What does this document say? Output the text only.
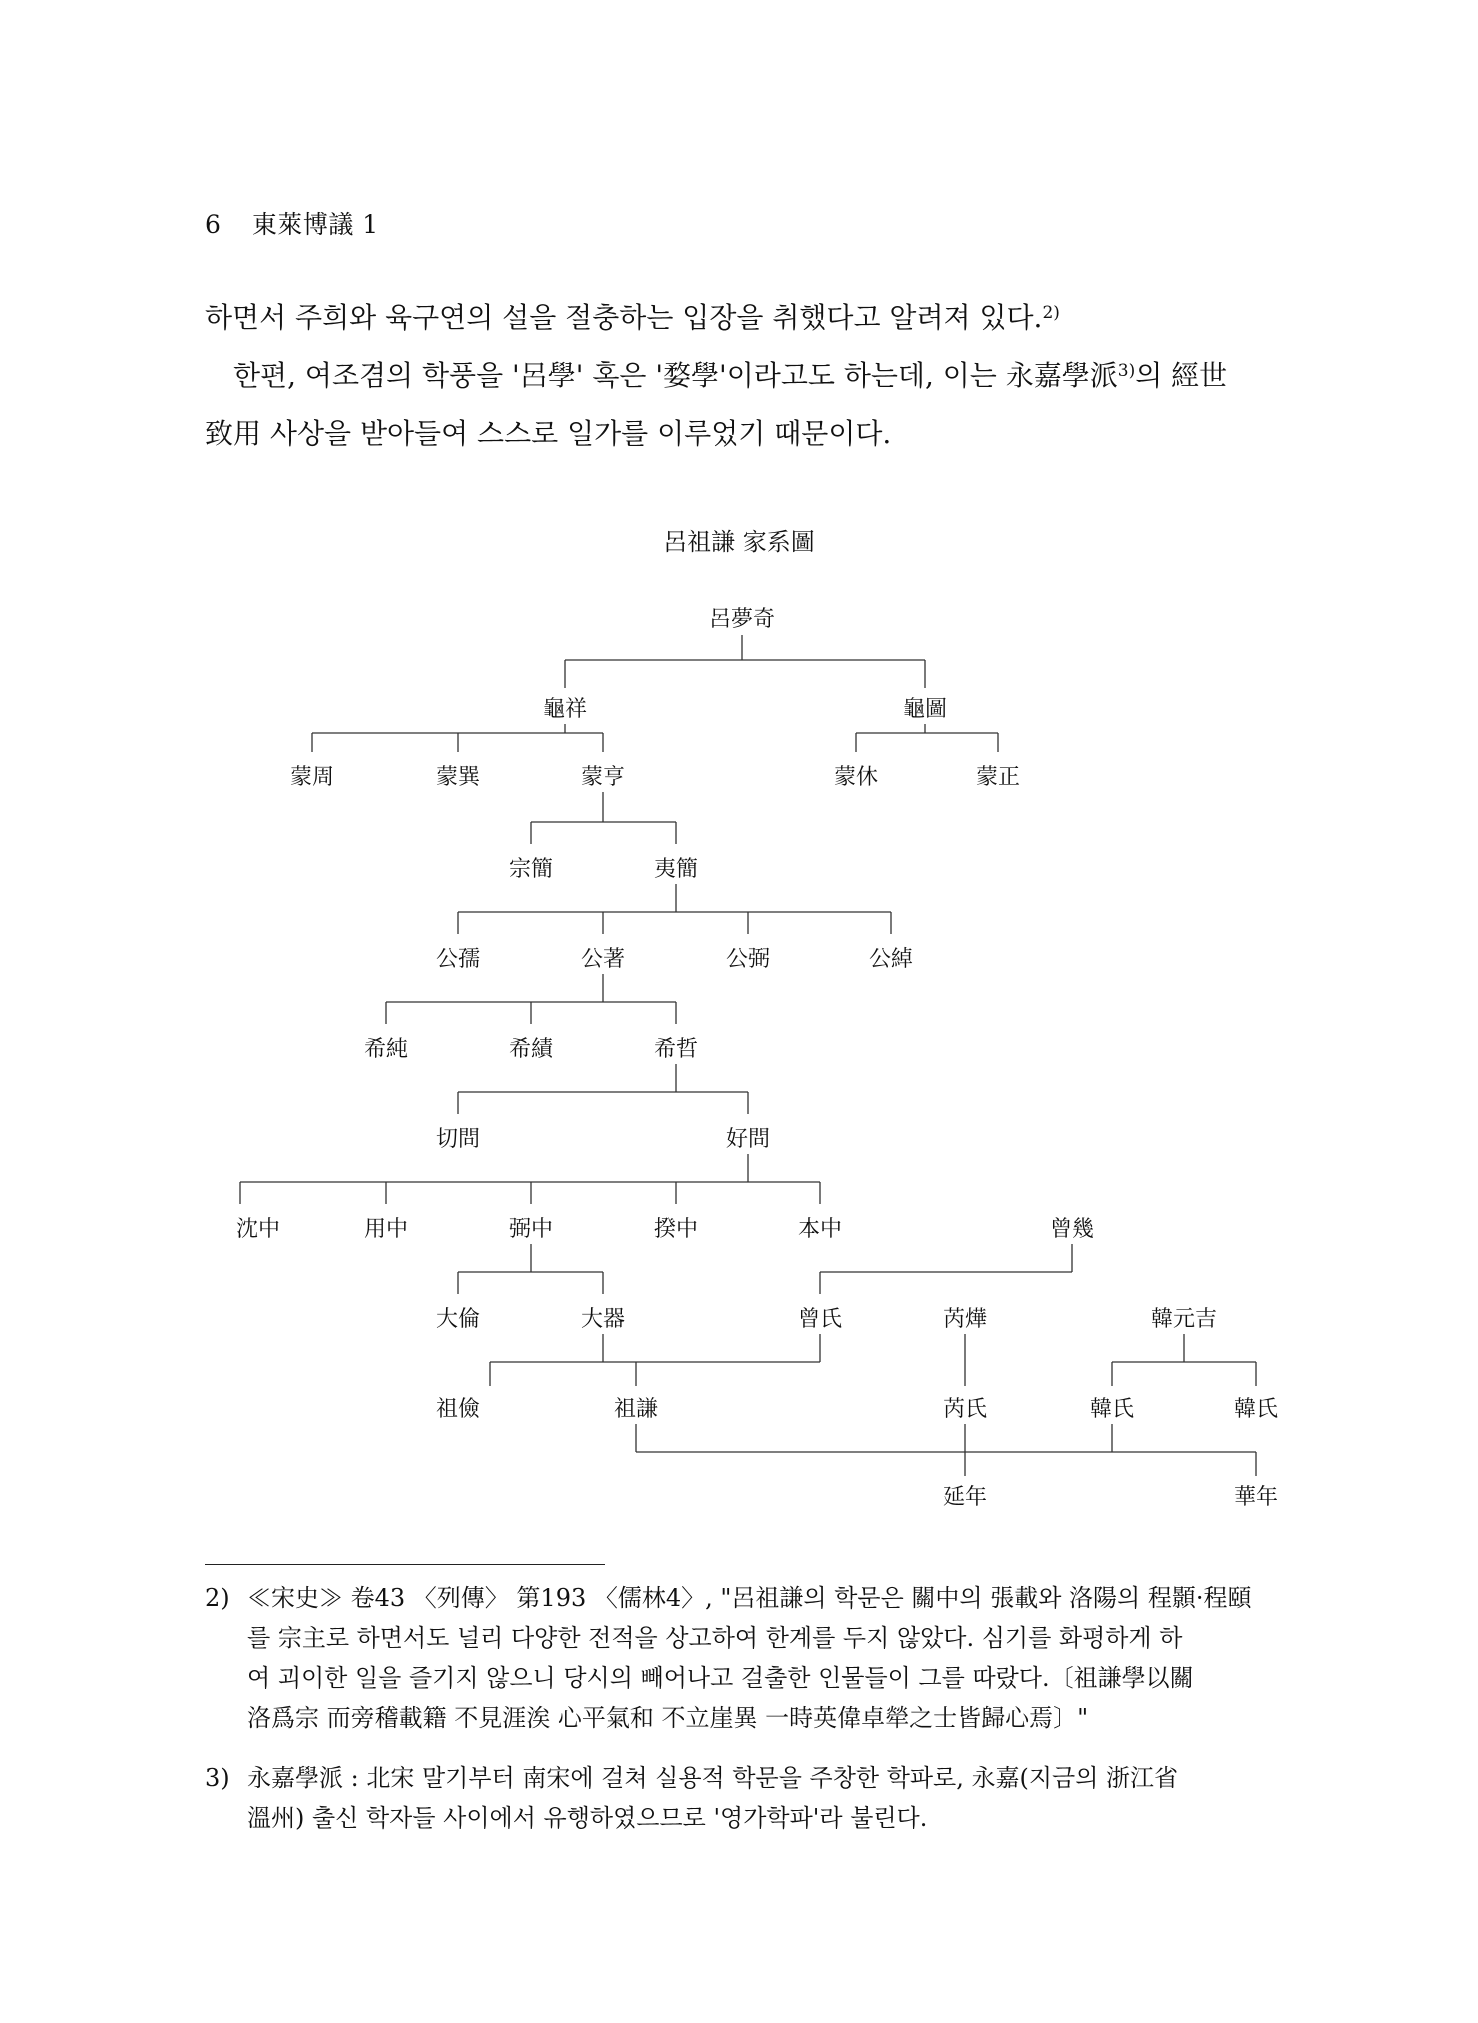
6 東萊博議 1
하면서 주희와 육구연의 설을 절충하는 입장을 취했다고 알려져 있다.$^{2)}$
한편, 여조겸의 학풍을 '呂學' 혹은 '婺學'이라고도 하는데, 이는 永嘉學派$^{3)}$의 經世
致用 사상을 받아들여 스스로 일가를 이루었기 때문이다.
呂祖謙 家系圖
呂夢奇
龜祥	龜圖
蒙周	蒙巽	蒙亨	蒙休	蒙正
宗簡	夷簡
公孺	公著	公弼	公綽
希純	希績	希哲
切問	好問
沈中	用中	弼中	揆中	本中	曾幾
大倫	大器	曾氏	芮燁	韓元吉
祖儉	祖謙	芮氏	韓氏	韓氏
延年	華年
2) ≪宋史≫ 卷43 〈列傳〉 第193 〈儒林4〉, "呂祖謙의 학문은 關中의 張載와 洛陽의 程顥·程頤
를 宗主로 하면서도 널리 다양한 전적을 상고하여 한계를 두지 않았다. 심기를 화평하게 하
여 괴이한 일을 즐기지 않으니 당시의 빼어나고 걸출한 인물들이 그를 따랐다.〔祖謙學以關
洛爲宗 而旁稽載籍 不見涯涘 心平氣和 不立崖異 一時英偉卓犖之士皆歸心焉〕"
3) 永嘉學派 : 北宋 말기부터 南宋에 걸쳐 실용적 학문을 주창한 학파로, 永嘉(지금의 浙江省
溫州) 출신 학자들 사이에서 유행하였으므로 '영가학파'라 불린다.
